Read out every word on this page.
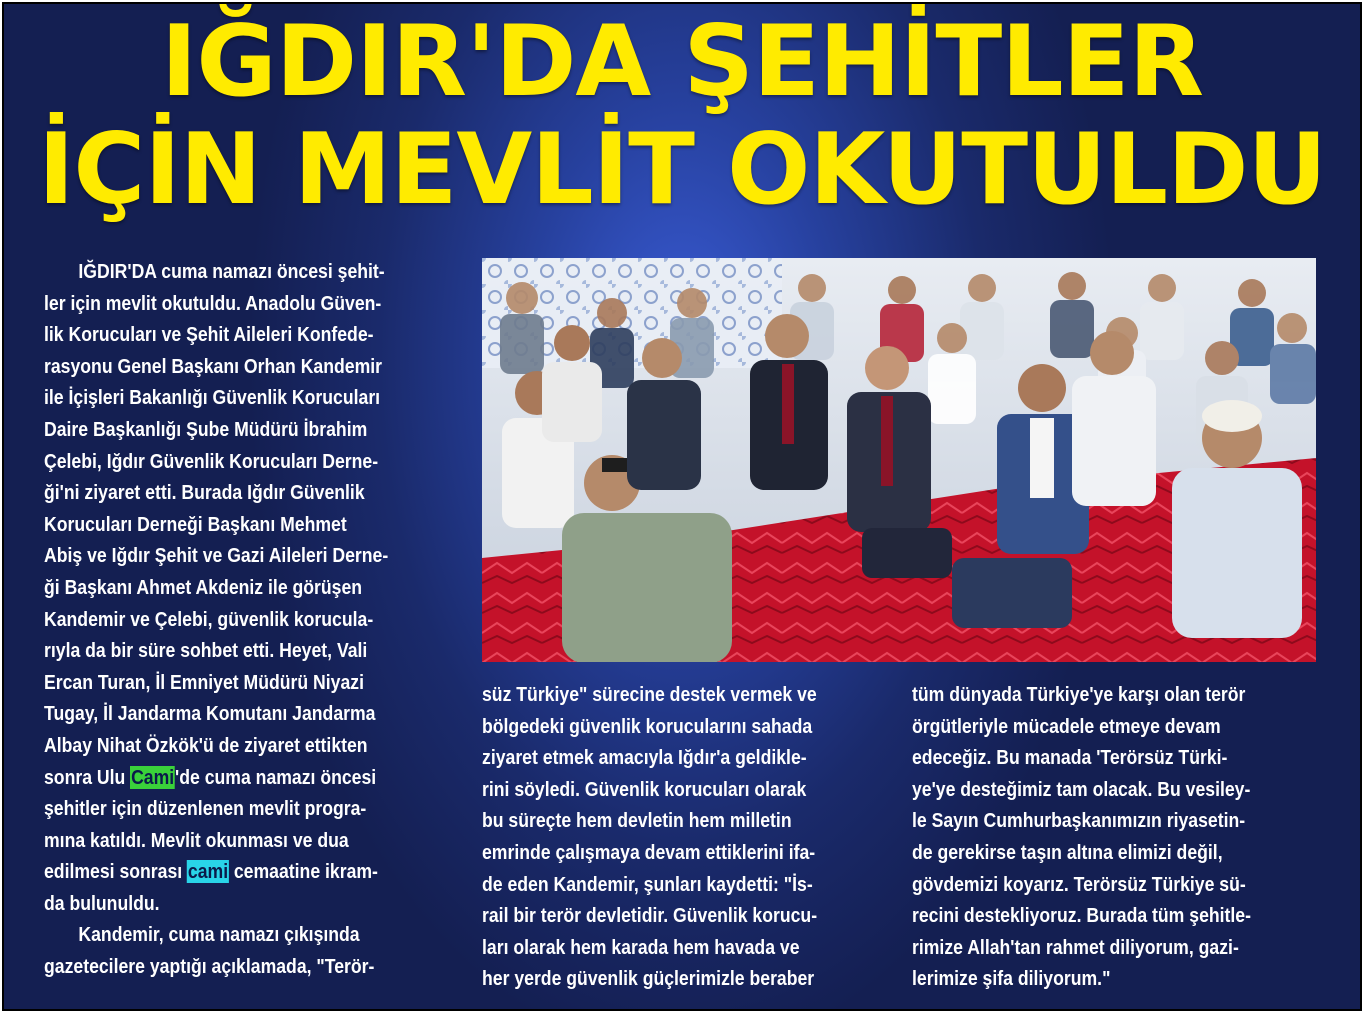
IĞDIR'DA ŞEHİTLER
İÇİN MEVLİT OKUTULDU

IĞDIR'DA cuma namazı öncesi şehit-

ler için mevlit okutuldu. Anadolu Güven-

lik Korucuları ve Şehit Aileleri Konfede-

rasyonu Genel Başkanı Orhan Kandemir

ile İçişleri Bakanlığı Güvenlik Korucuları

Daire Başkanlığı Şube Müdürü İbrahim

Çelebi, Iğdır Güvenlik Korucuları Derne-

ği'ni ziyaret etti. Burada Iğdır Güvenlik

Korucuları Derneği Başkanı Mehmet

Abiş ve Iğdır Şehit ve Gazi Aileleri Derne-

ği Başkanı Ahmet Akdeniz ile görüşen

Kandemir ve Çelebi, güvenlik korucula-

rıyla da bir süre sohbet etti. Heyet, Vali

Ercan Turan, İl Emniyet Müdürü Niyazi

Tugay, İl Jandarma Komutanı Jandarma

Albay Nihat Özkök'ü de ziyaret ettikten

sonra Ulu Cami'de cuma namazı öncesi

şehitler için düzenlenen mevlit progra-

mına katıldı. Mevlit okunması ve dua

edilmesi sonrası cami cemaatine ikram-

da bulunuldu.

Kandemir, cuma namazı çıkışında

gazetecilere yaptığı açıklamada, "Terör-

süz Türkiye" sürecine destek vermek ve

bölgedeki güvenlik korucularını sahada

ziyaret etmek amacıyla Iğdır'a geldikle-

rini söyledi. Güvenlik korucuları olarak

bu süreçte hem devletin hem milletin

emrinde çalışmaya devam ettiklerini ifa-

de eden Kandemir, şunları kaydetti: "İs-

rail bir terör devletidir. Güvenlik korucu-

ları olarak hem karada hem havada ve

her yerde güvenlik güçlerimizle beraber

tüm dünyada Türkiye'ye karşı olan terör

örgütleriyle mücadele etmeye devam

edeceğiz. Bu manada 'Terörsüz Türki-

ye'ye desteğimiz tam olacak. Bu vesiley-

le Sayın Cumhurbaşkanımızın riyasetin-

de gerekirse taşın altına elimizi değil,

gövdemizi koyarız. Terörsüz Türkiye sü-

recini destekliyoruz. Burada tüm şehitle-

rimize Allah'tan rahmet diliyorum, gazi-

lerimize şifa diliyorum."
